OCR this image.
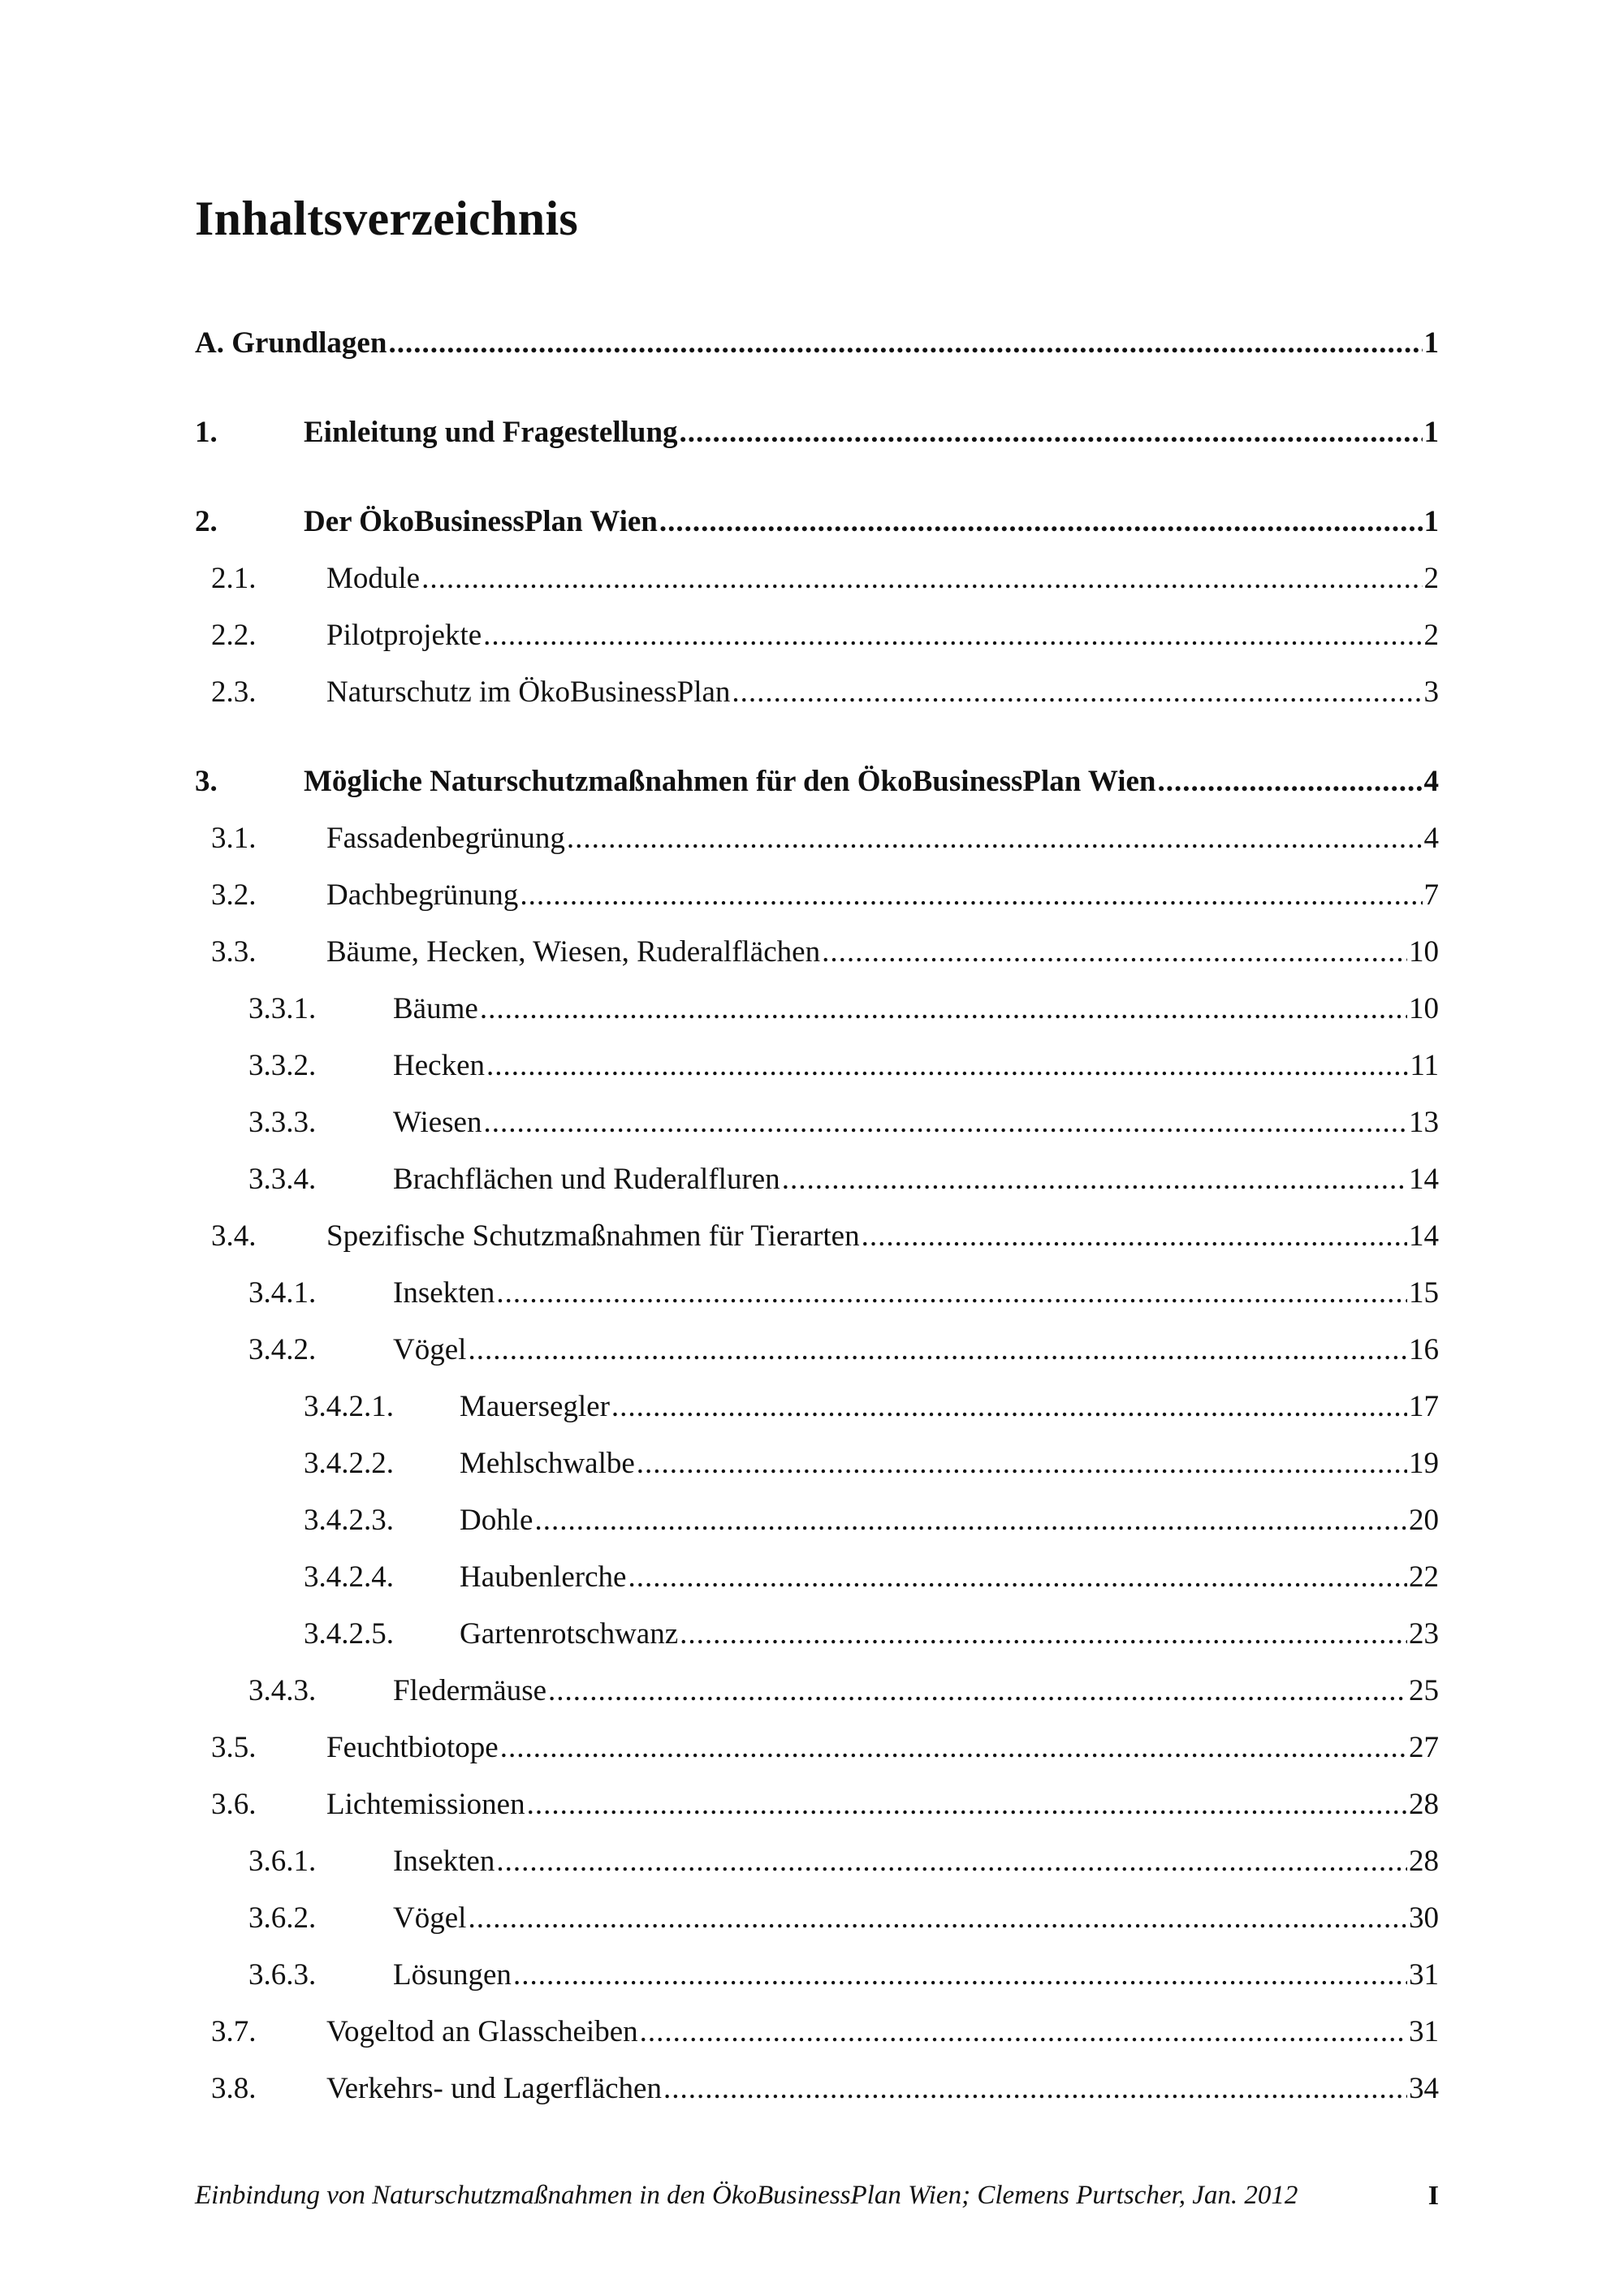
Inhaltsverzeichnis
A. Grundlagen .....	1
1.	Einleitung und Fragestellung .....	1
2.	Der ÖkoBusinessPlan Wien .....	1
2.1. Module .....	2
2.2. Pilotprojekte .....	2
2.3. Naturschutz im ÖkoBusinessPlan .....	3
3.	Mögliche Naturschutzmaßnahmen für den ÖkoBusinessPlan Wien .....	4
3.1. Fassadenbegrünung .....	4
3.2. Dachbegrünung .....	7
3.3. Bäume, Hecken, Wiesen, Ruderalflächen .....	10
3.3.1.	Bäume .....	10
3.3.2.	Hecken .....	11
3.3.3.	Wiesen .....	13
3.3.4.	Brachflächen und Ruderalfluren .....	14
3.4. Spezifische Schutzmaßnahmen für Tierarten .....	14
3.4.1.	Insekten .....	15
3.4.2.	Vögel .....	16
3.4.2.1. Mauersegler .....	17
3.4.2.2. Mehlschwalbe .....	19
3.4.2.3. Dohle .....	20
3.4.2.4. Haubenlerche .....	22
3.4.2.5. Gartenrotschwanz .....	23
3.4.3.	Fledermäuse .....	25
3.5. Feuchtbiotope .....	27
3.6. Lichtemissionen .....	28
3.6.1.	Insekten .....	28
3.6.2.	Vögel .....	30
3.6.3.	Lösungen .....	31
3.7. Vogeltod an Glasscheiben .....	31
3.8. Verkehrs- und Lagerflächen .....	34
Einbindung von Naturschutzmaßnahmen in den ÖkoBusinessPlan Wien; Clemens Purtscher, Jan. 2012	I
